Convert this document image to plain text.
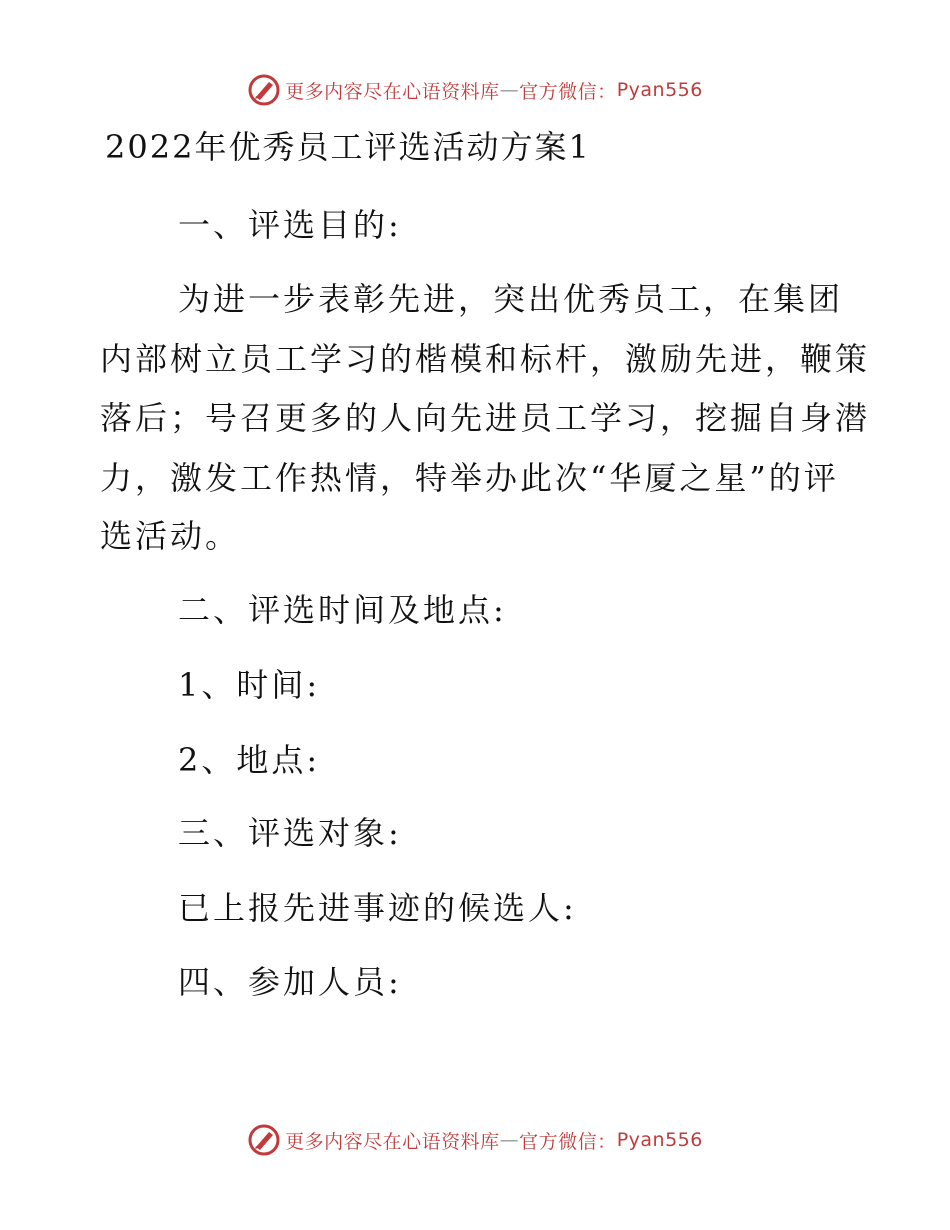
更多内容尽在心语资料库 — 官方微信： Pyan556
2022年优秀员工评选活动方案1
一、评选目的:
为进一步表彰先进，突出优秀员工，在集团
内部树立员工学习的楷模和标杆，激励先进，鞭策
落后；号召更多的人向先进员工学习，挖掘自身潜
力，激发工作热情，特举办此次“华厦之星”的评
选活动。
二、评选时间及地点:
1、时间:
2、地点:
三、评选对象:
已上报先进事迹的候选人:
四、参加人员:
更多内容尽在心语资料库 — 官方微信： Pyan556
